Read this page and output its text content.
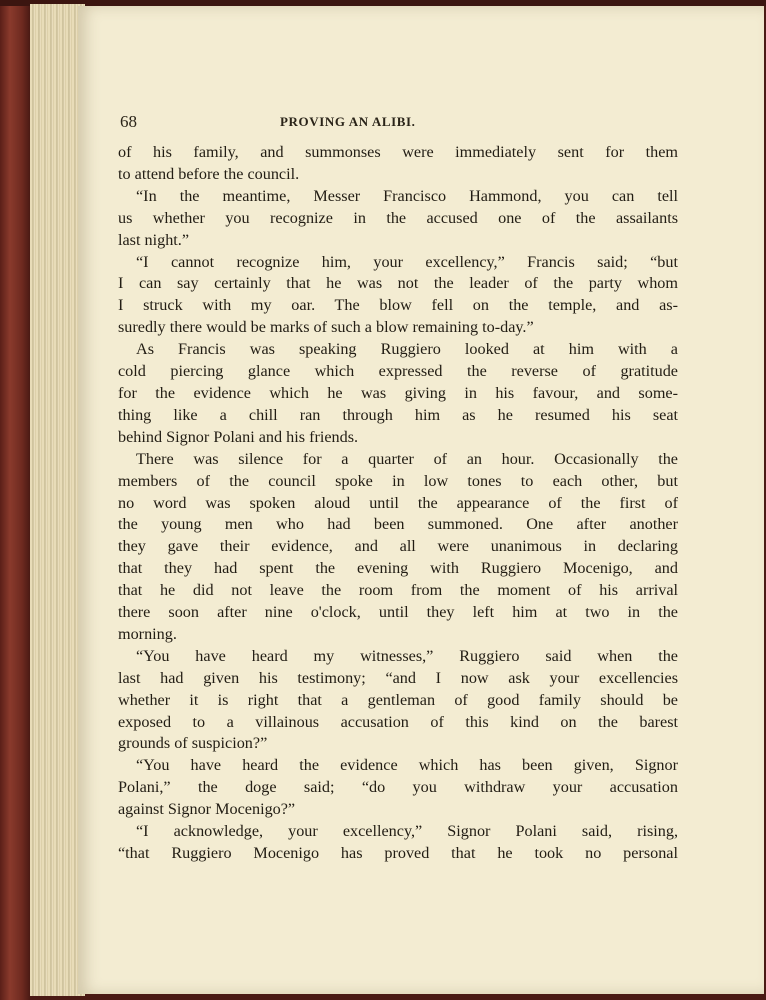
68	PROVING AN ALIBI.
of his family, and summonses were immediately sent for them
to attend before the council.
“In the meantime, Messer Francisco Hammond, you can tell
us whether you recognize in the accused one of the assailants
last night.”
“I cannot recognize him, your excellency,” Francis said; “but
I can say certainly that he was not the leader of the party whom
I struck with my oar. The blow fell on the temple, and as-
suredly there would be marks of such a blow remaining to-day.”
As Francis was speaking Ruggiero looked at him with a
cold piercing glance which expressed the reverse of gratitude
for the evidence which he was giving in his favour, and some-
thing like a chill ran through him as he resumed his seat
behind Signor Polani and his friends.
There was silence for a quarter of an hour. Occasionally the
members of the council spoke in low tones to each other, but
no word was spoken aloud until the appearance of the first of
the young men who had been summoned. One after another
they gave their evidence, and all were unanimous in declaring
that they had spent the evening with Ruggiero Mocenigo, and
that he did not leave the room from the moment of his arrival
there soon after nine o'clock, until they left him at two in the
morning.
“You have heard my witnesses,” Ruggiero said when the
last had given his testimony; “and I now ask your excellencies
whether it is right that a gentleman of good family should be
exposed to a villainous accusation of this kind on the barest
grounds of suspicion?”
“You have heard the evidence which has been given, Signor
Polani,” the doge said; “do you withdraw your accusation
against Signor Mocenigo?”
“I acknowledge, your excellency,” Signor Polani said, rising,
“that Ruggiero Mocenigo has proved that he took no personal
